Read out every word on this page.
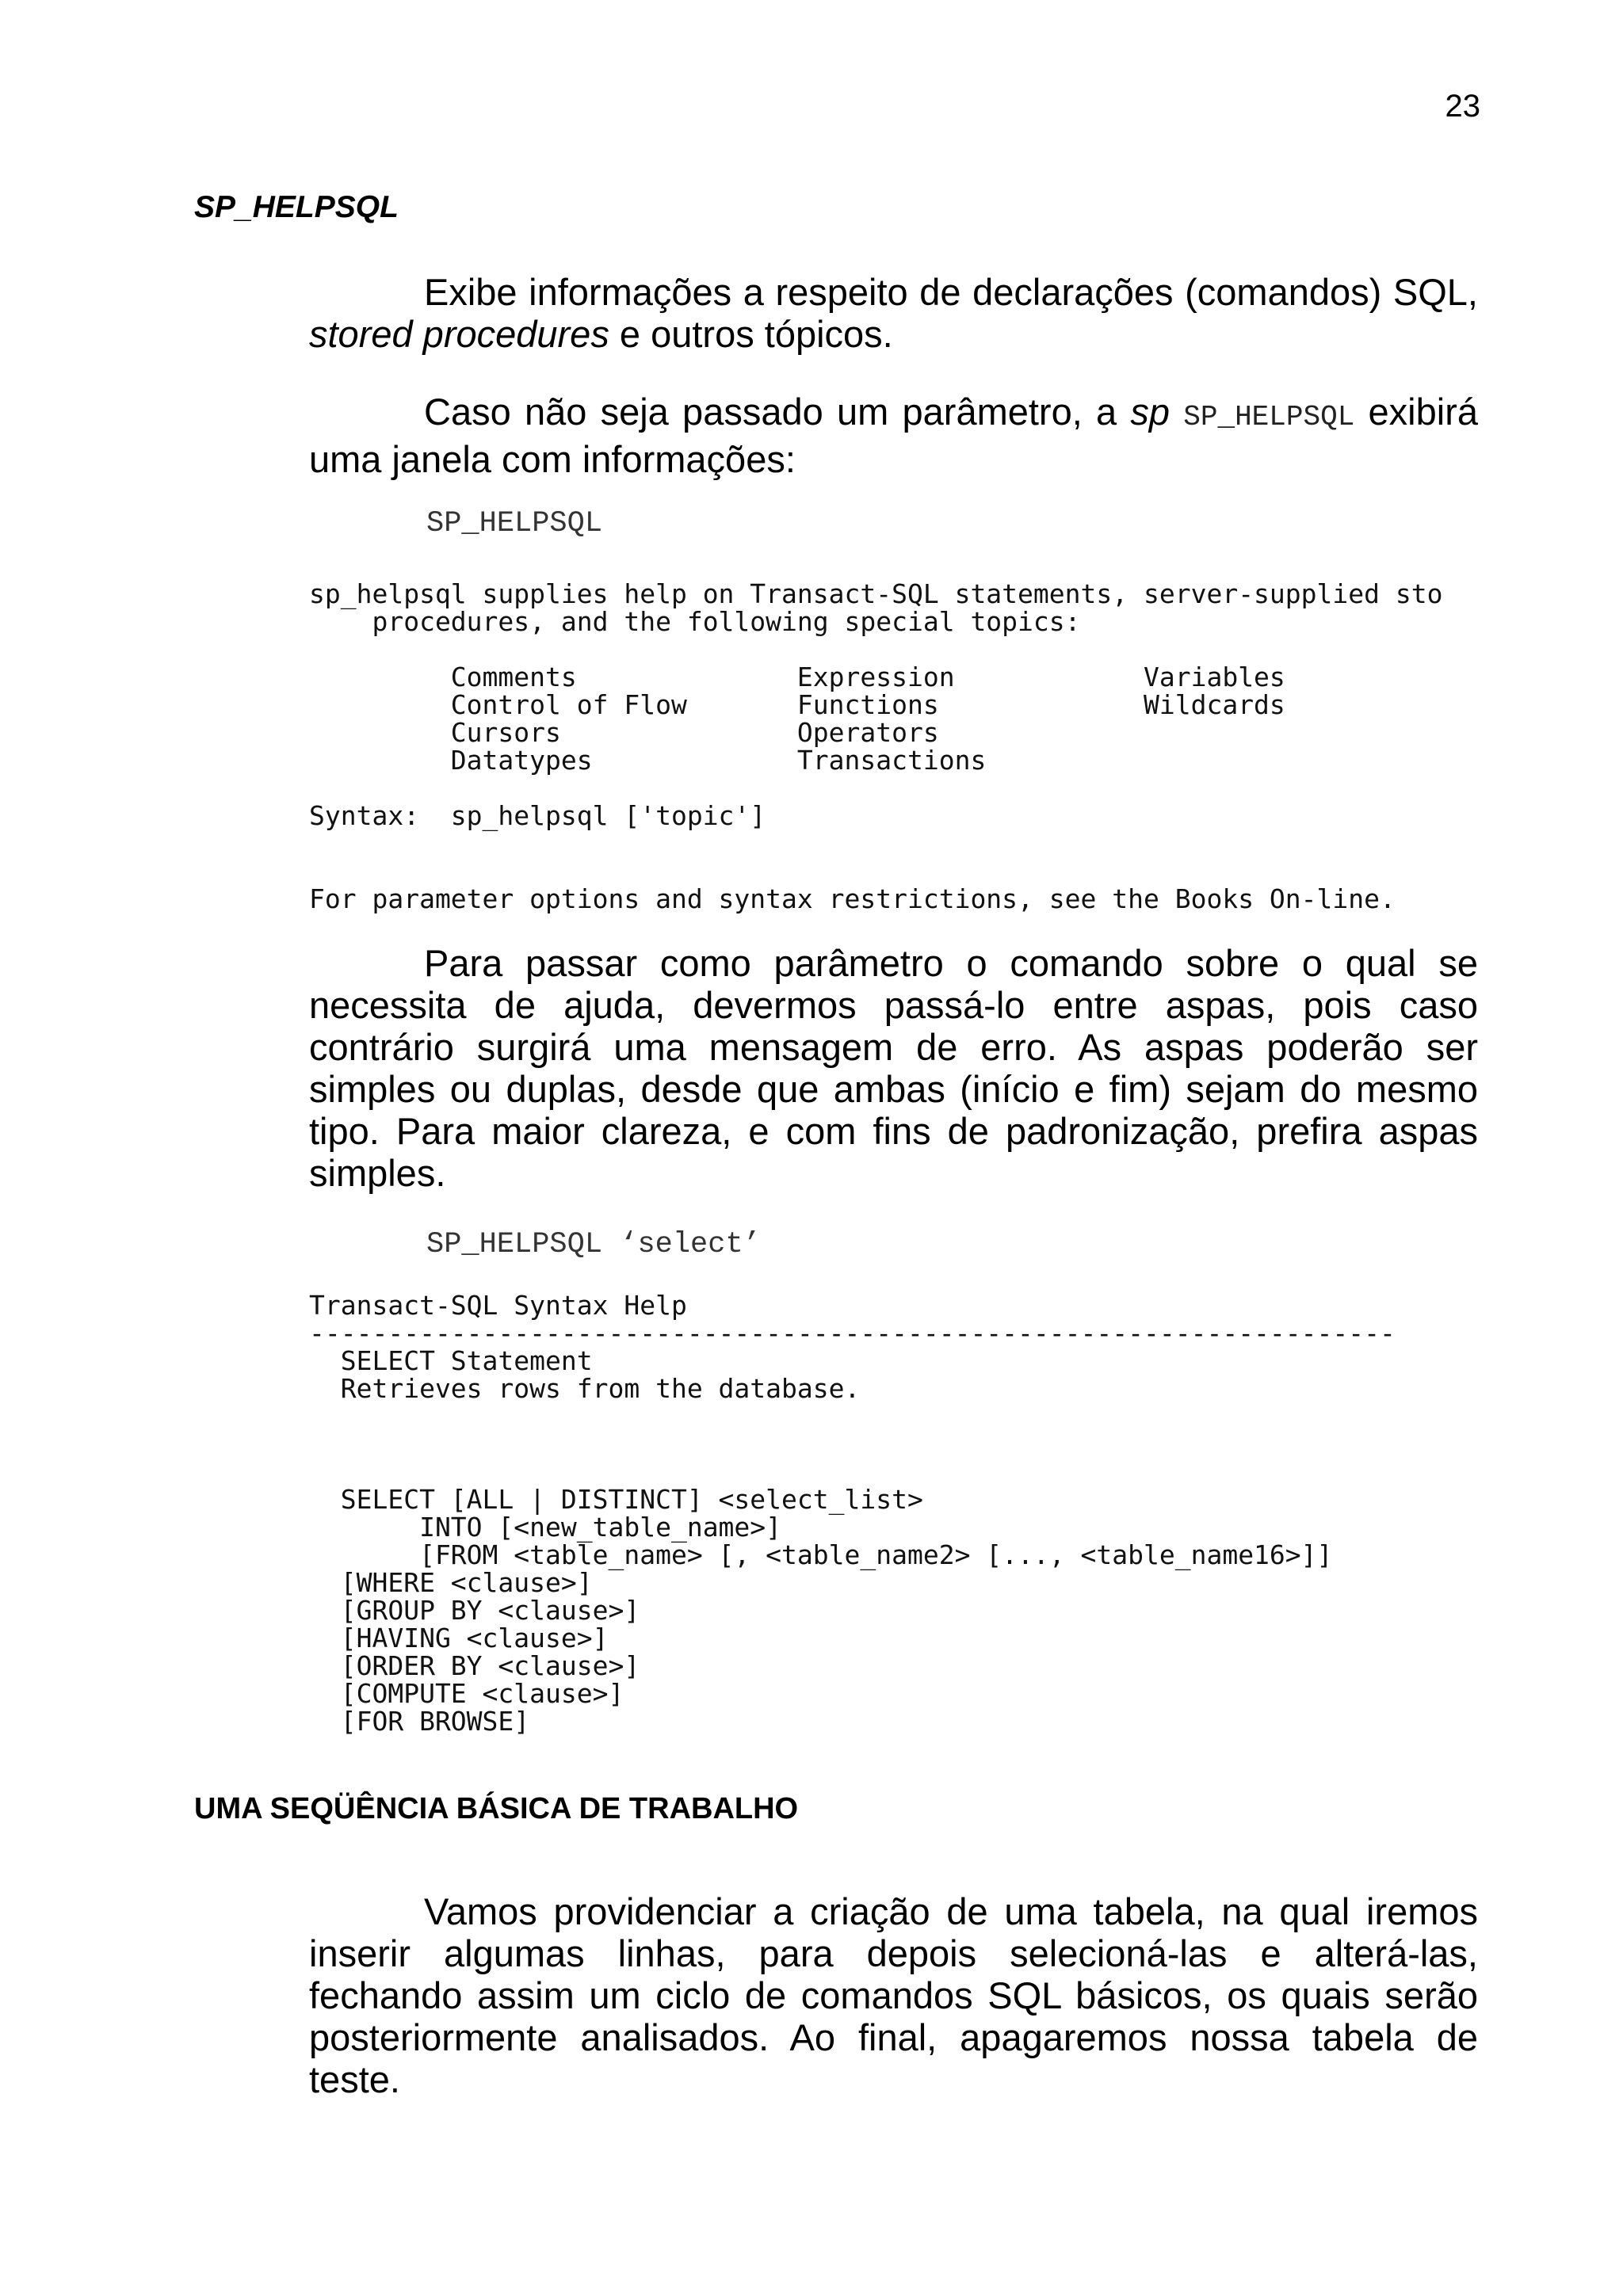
23
SP_HELPSQL

Exibe informações a respeito de declarações (comandos) SQL, stored procedures e outros tópicos.

Caso não seja passado um parâmetro, a sp SP_HELPSQL exibirá uma janela com informações:

SP_HELPSQL
sp_helpsql supplies help on Transact-SQL statements, server-supplied sto
procedures, and the following special topics:
Comments              Expression            Variables
Control of Flow       Functions             Wildcards
Cursors               Operators
Datatypes             Transactions
Syntax:  sp_helpsql ['topic']
For parameter options and syntax restrictions, see the Books On-line.

Para passar como parâmetro o comando sobre o qual se necessita de ajuda, devermos passá-lo entre aspas, pois caso contrário surgirá uma mensagem de erro. As aspas poderão ser simples ou duplas, desde que ambas (início e fim) sejam do mesmo tipo. Para maior clareza, e com fins de padronização, prefira aspas simples.

SP_HELPSQL ‘select’
Transact-SQL Syntax Help
---------------------------------------------------------------------
SELECT Statement
Retrieves rows from the database.
SELECT [ALL | DISTINCT] <select_list>
INTO [<new_table_name>]
[FROM <table_name> [, <table_name2> [..., <table_name16>]]
[WHERE <clause>]
[GROUP BY <clause>]
[HAVING <clause>]
[ORDER BY <clause>]
[COMPUTE <clause>]
[FOR BROWSE]
UMA SEQÜÊNCIA BÁSICA DE TRABALHO

Vamos providenciar a criação de uma tabela, na qual iremos inserir algumas linhas, para depois selecioná-las e alterá-las, fechando assim um ciclo de comandos SQL básicos, os quais serão posteriormente analisados. Ao final, apagaremos nossa tabela de teste.
